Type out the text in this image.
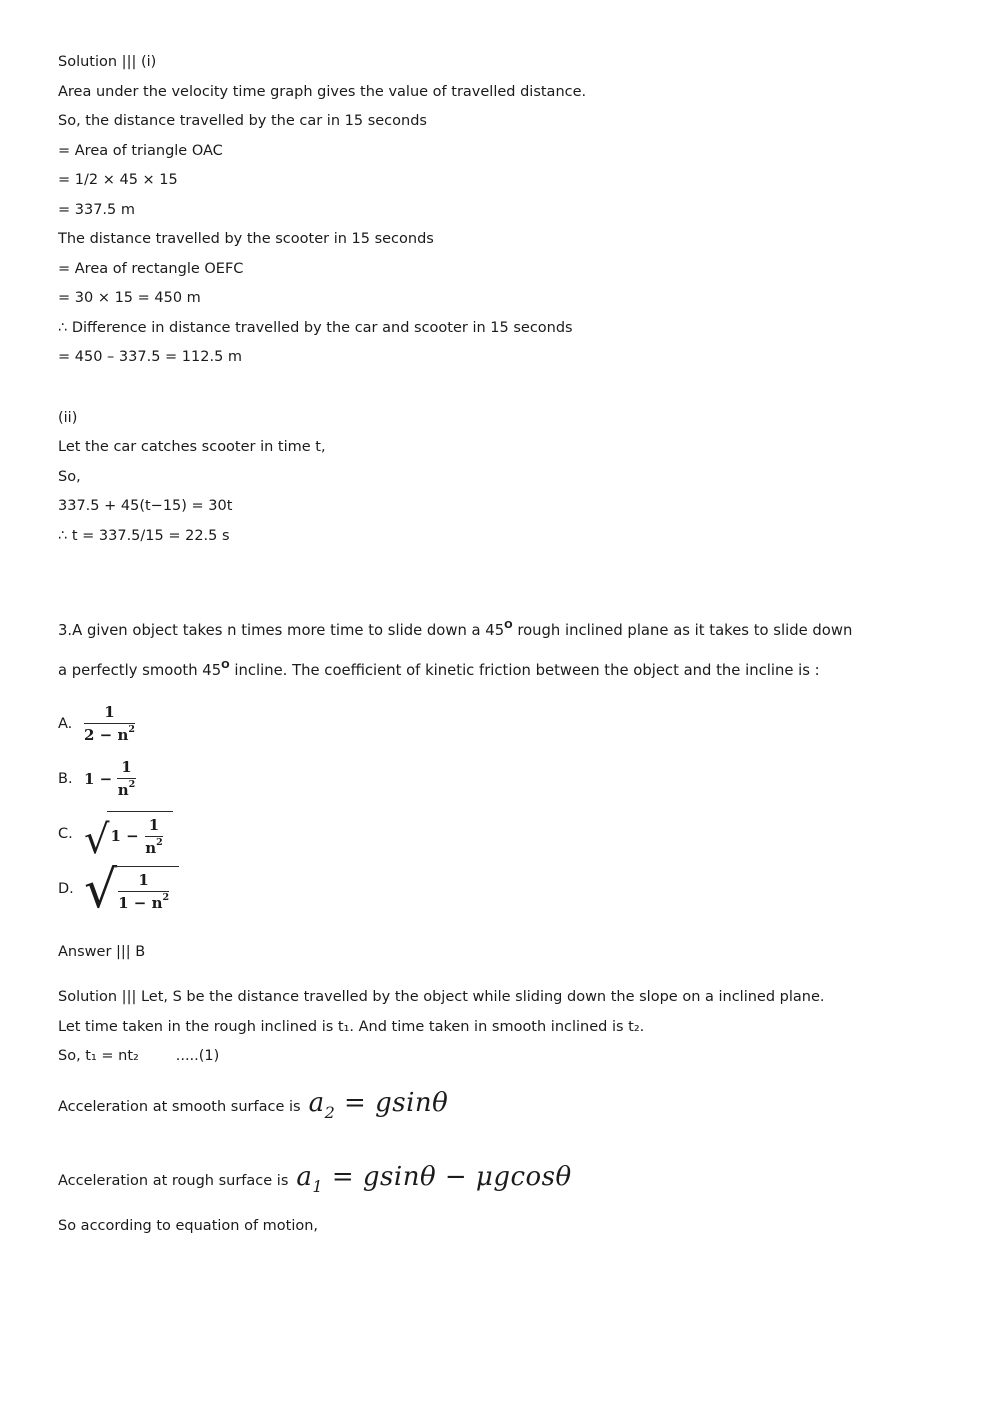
Solution ||| (i)

Area under the velocity time graph gives the value of travelled distance.

So, the distance travelled by the car in 15 seconds

= Area of triangle OAC

= 1/2 × 45 × 15

= 337.5 m

The distance travelled by the scooter in 15 seconds

= Area of rectangle OEFC

= 30 × 15 = 450 m

∴ Difference in distance travelled by the car and scooter in 15 seconds

= 450 – 337.5 = 112.5 m

(ii)

Let the car catches scooter in time t,

So,

337.5 + 45(t−15) = 30t

∴ t = 337.5/15 = 22.5 s

3.A given object takes n times more time to slide down a $45^O$ rough inclined plane as it takes to slide down

a perfectly smooth $45^O$ incline. The coefficient of kinetic friction between the object and the incline is :

A. $\frac{1}{2 - n^2}$
B. $1 - \frac{1}{n^2}$
C. √ $1 - \frac{1}{n^2}$
D. √ $\frac{1}{1 - n^2}$

Answer ||| B

Solution ||| Let, S be the distance travelled by the object while sliding down the slope on a inclined plane.

Let time taken in the rough inclined is t₁. And time taken in smooth inclined is t₂.

So, t₁ = nt₂        .....(1)

Acceleration at smooth surface is $a_2 = gsin\theta$

Acceleration at rough surface is $a_1 = gsin\theta - \mu gcos\theta$

So according to equation of motion,
